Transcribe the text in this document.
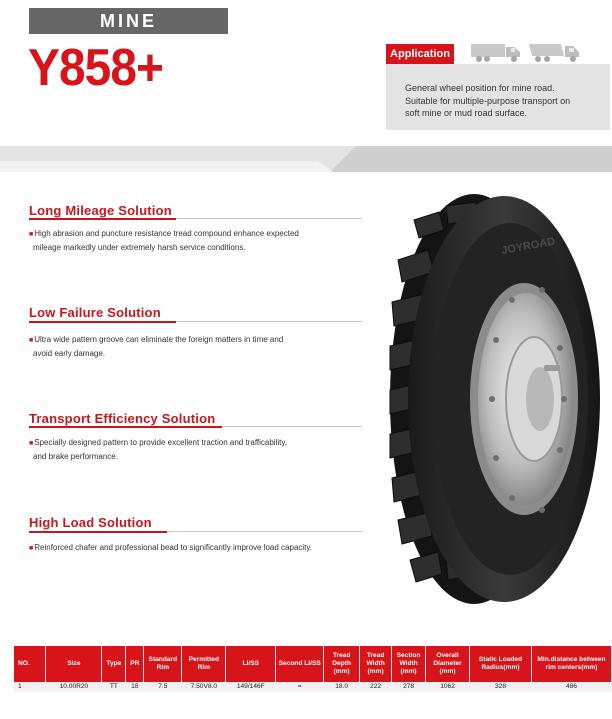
MINE
Y858+	Application
General wheel position for mine road.
Suitable for multiple-purpose transport on
soft mine or mud road surface.
Long Mileage Solution
■High abrasion and puncture resistance tread compound enhance expected
mileage markedly under extremely harsh service conditions.
Low Failure Solution
■Ultra wide pattern groove can eliminate the foreign matters in time and
avoid early damage.
Transport Efficiency Solution
■Specially designed pattern to provide excellent traction and trafficability,
and brake performance.
High Load Solution
■Reinforced chafer and professional bead to significantly improve load capacity.
JOYROAD
NO.	Size	Type	PR	Standard Rim	Permitted Rim	LI/SS	Second LI/SS	Tread Depth (mm)	Tread Width (mm)	Section Width (mm)	Overall Diameter (mm)	Static Loaded Radius(mm)	Min.distance between rim centers(mm)
1	10.00R20	TT	18	7.5	7.50V8.0	149/146F	=	18.0	222	278	1062	328	486
